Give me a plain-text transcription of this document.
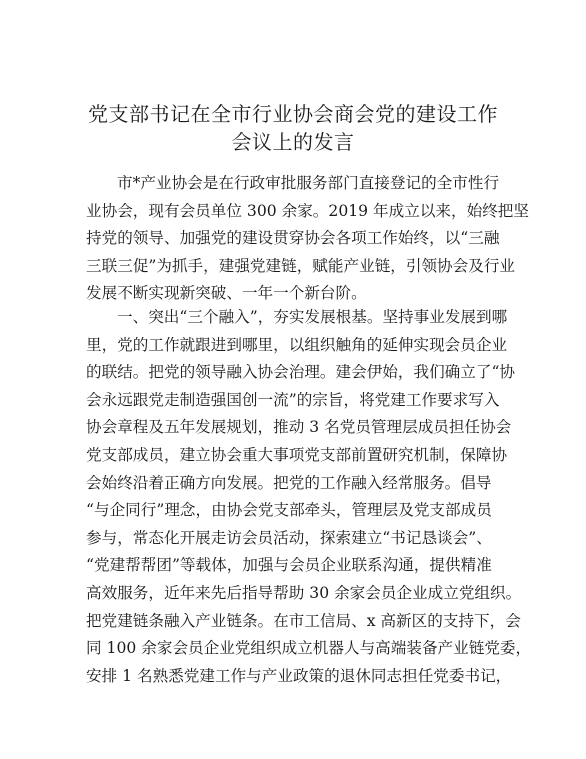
党支部书记在全市行业协会商会党的建设工作
会议上的发言

市*产业协会是在行政审批服务部门直接登记的全市性行
业协会，现有会员单位 300 余家。2019 年成立以来，始终把坚
持党的领导、加强党的建设贯穿协会各项工作始终，以“三融
三联三促”为抓手，建强党建链，赋能产业链，引领协会及行业
发展不断实现新突破、一年一个新台阶。

一、突出“三个融入”，夯实发展根基。坚持事业发展到哪
里，党的工作就跟进到哪里，以组织触角的延伸实现会员企业
的联结。把党的领导融入协会治理。建会伊始，我们确立了“协
会永远跟党走制造强国创一流”的宗旨，将党建工作要求写入
协会章程及五年发展规划，推动 3 名党员管理层成员担任协会
党支部成员，建立协会重大事项党支部前置研究机制，保障协
会始终沿着正确方向发展。把党的工作融入经常服务。倡导
“与企同行”理念，由协会党支部牵头，管理层及党支部成员
参与，常态化开展走访会员活动，探索建立“书记恳谈会”、
“党建帮帮团”等载体，加强与会员企业联系沟通，提供精准
高效服务，近年来先后指导帮助 30 余家会员企业成立党组织。
把党建链条融入产业链条。在市工信局、x 高新区的支持下，会
同 100 余家会员企业党组织成立机器人与高端装备产业链党委，
安排 1 名熟悉党建工作与产业政策的退休同志担任党委书记，
